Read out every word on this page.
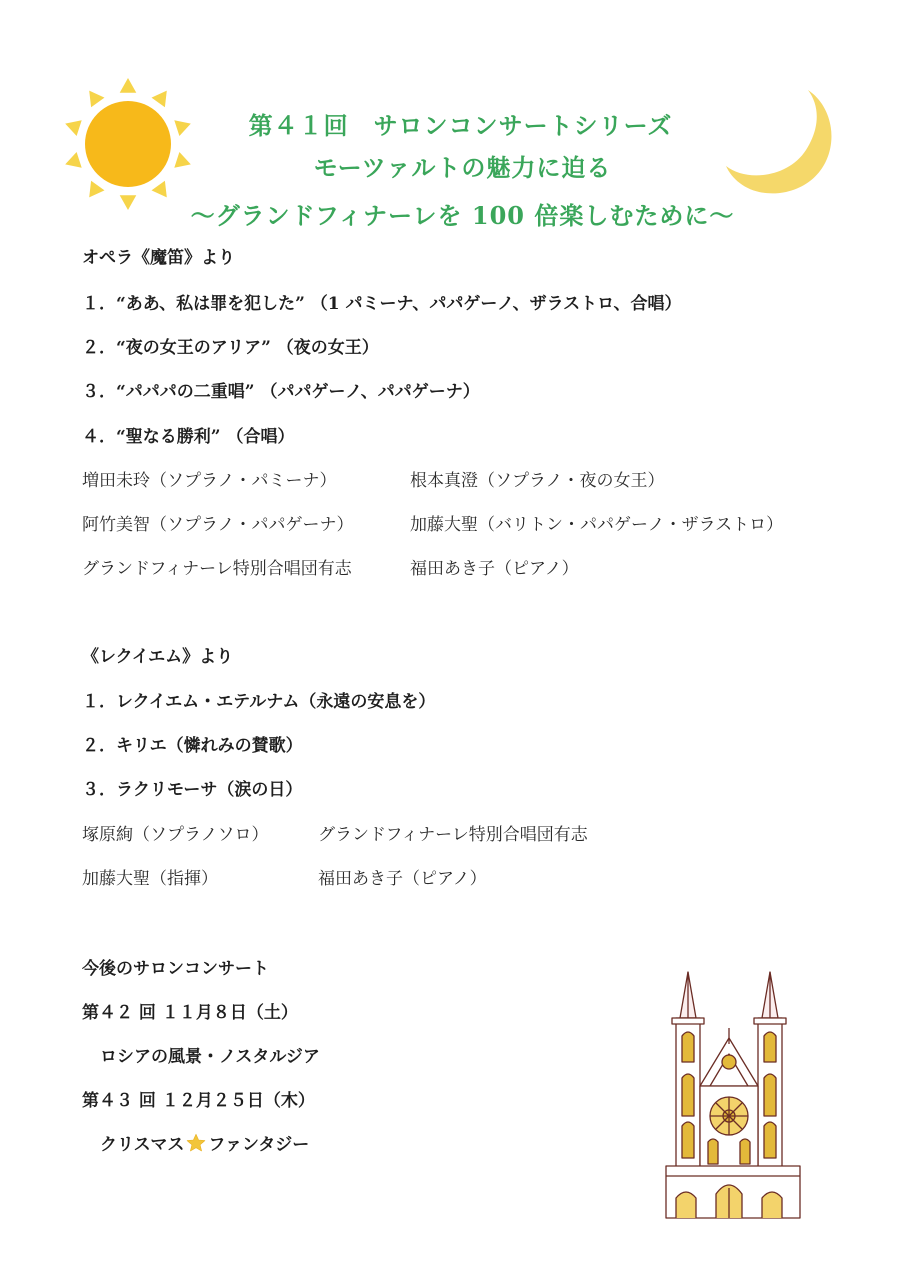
第４１回　サロンコンサートシリーズ
モーツァルトの魅力に迫る
〜グランドフィナーレを 100 倍楽しむために〜
オペラ《魔笛》より
１．“ああ、私は罪を犯した” （1 パミーナ、パパゲーノ、ザラストロ、合唱）
２．“夜の女王のアリア” （夜の女王）
３．“パパパの二重唱” （パパゲーノ、パパゲーナ）
４．“聖なる勝利” （合唱）
増田未玲（ソプラノ・パミーナ）	根本真澄（ソプラノ・夜の女王）
阿竹美智（ソプラノ・パパゲーナ）	加藤大聖（バリトン・パパゲーノ・ザラストロ）
グランドフィナーレ特別合唱団有志	福田あき子（ピアノ）
《レクイエム》より
１．レクイエム・エテルナム（永遠の安息を）
２．キリエ（憐れみの賛歌）
３．ラクリモーサ（涙の日）
塚原絢（ソプラノソロ）	グランドフィナーレ特別合唱団有志
加藤大聖（指揮）	福田あき子（ピアノ）
今後のサロンコンサート
第４２ 回 １１月８日（土）
ロシアの風景・ノスタルジア
第４３ 回 １２月２５日（木）
クリスマス ファンタジー
